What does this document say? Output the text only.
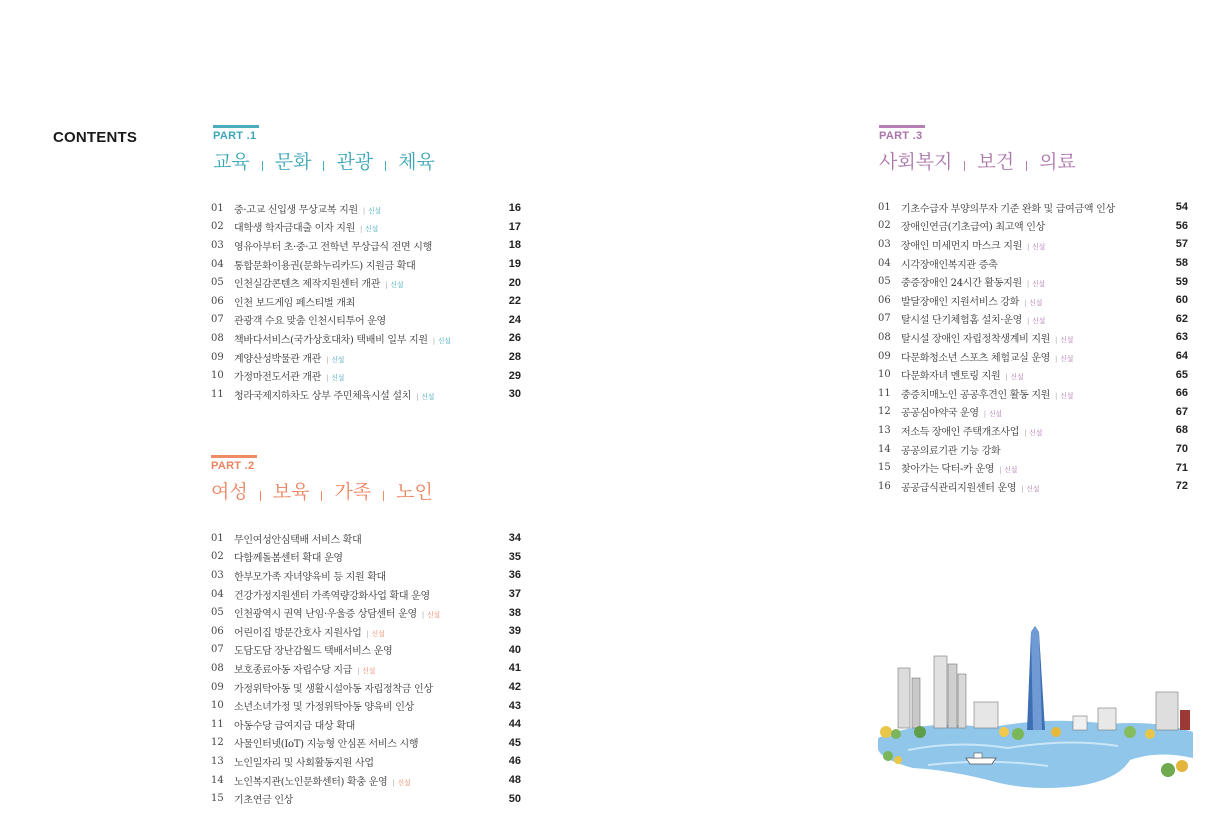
CONTENTS	PART .1
교육 문화 관광 체육
01	중·고교 신입생 무상교복 지원 | 신설	16
02	대학생 학자금대출 이자 지원 | 신설	17
03	영유아부터 초·중·고 전학년 무상급식 전면 시행	18
04	통합문화이용권(문화누리카드) 지원금 확대	19
05	인천실감콘텐츠 제작지원센터 개관 | 신설	20
06	인천 보드게임 페스티벌 개최	22
07	관광객 수요 맞춤 인천시티투어 운영	24
08	책바다서비스(국가상호대차) 택배비 일부 지원 | 신설	26
09	계양산성박물관 개관 | 신설	28
10	가정마전도서관 개관 | 신설	29
11	청라국제지하차도 상부 주민체육시설 설치 | 신설	30
PART .2
여성 보육 가족 노인
01	무인여성안심택배 서비스 확대	34
02	다함께돌봄센터 확대 운영	35
03	한부모가족 자녀양육비 등 지원 확대	36
04	건강가정지원센터 가족역량강화사업 확대 운영	37
05	인천광역시 권역 난임·우울증 상담센터 운영 | 신설	38
06	어린이집 방문간호사 지원사업 | 신설	39
07	도담도담 장난감월드 택배서비스 운영	40
08	보호종료아동 자립수당 지급 | 신설	41
09	가정위탁아동 및 생활시설아동 자립정착금 인상	42
10	소년소녀가정 및 가정위탁아동 양육비 인상	43
11	아동수당 급여지급 대상 확대	44
12	사물인터넷(IoT) 지능형 안심폰 서비스 시행	45
13	노인일자리 및 사회활동지원 사업	46
14	노인복지관(노인문화센터) 확충 운영 | 신설	48
15	기초연금 인상	50
PART .3
사회복지 보건 의료
01	기초수급자 부양의무자 기준 완화 및 급여금액 인상	54
02	장애인연금(기초급여) 최고액 인상	56
03	장애인 미세먼지 마스크 지원 | 신설	57
04	시각장애인복지관 증축	58
05	중증장애인 24시간 활동지원 | 신설	59
06	발달장애인 지원서비스 강화 | 신설	60
07	탈시설 단기체험홈 설치·운영 | 신설	62
08	탈시설 장애인 자립정착생계비 지원 | 신설	63
09	다문화청소년 스포츠 체험교실 운영 | 신설	64
10	다문화자녀 멘토링 지원 | 신설	65
11	중증치매노인 공공후견인 활동 지원 | 신설	66
12	공공심야약국 운영 | 신설	67
13	저소득 장애인 주택개조사업 | 신설	68
14	공공의료기관 기능 강화	70
15	찾아가는 닥터-카 운영 | 신설	71
16	공공급식관리지원센터 운영 | 신설	72
